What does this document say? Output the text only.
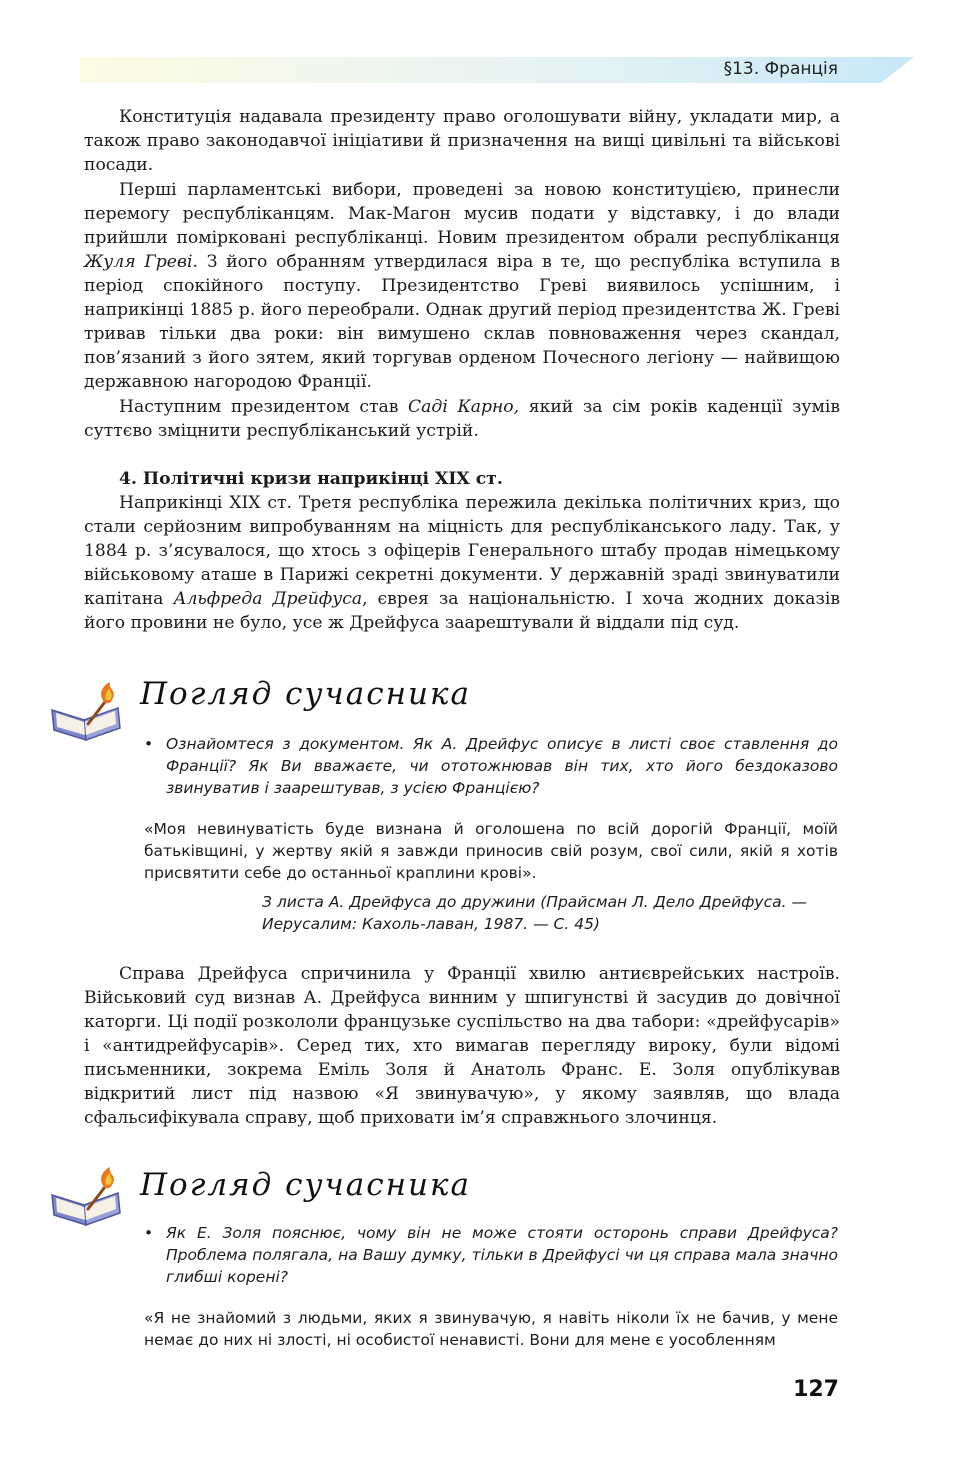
§13. Франція

Конституція надавала президенту право оголошувати війну, укладати мир, а також право законодавчої ініціативи й призначення на вищі цивільні та військові посади.

Перші парламентські вибори, проведені за новою конституцією, принесли перемогу республіканцям. Мак-Магон мусив подати у відставку, і до влади прийшли помірковані республіканці. Новим президентом обрали республіканця Жуля Греві. З його обранням утвердилася віра в те, що республіка вступила в період спокійного поступу. Президентство Греві виявилось успішним, і наприкінці 1885 р. його переобрали. Однак другий період президентства Ж. Греві тривав тільки два роки: він вимушено склав повноваження через скандал, пов’язаний з його зятем, який торгував орденом Почесного легіону — найвищою державною нагородою Франції.

Наступним президентом став Саді Карно, який за сім років каденції зумів суттєво зміцнити республіканський устрій.

4. Політичні кризи наприкінці XIX ст.

Наприкінці XIX ст. Третя республіка пережила декілька політичних криз, що стали серйозним випробуванням на міцність для республіканського ладу. Так, у 1884 р. з’ясувалося, що хтось з офіцерів Генерального штабу продав німецькому військовому аташе в Парижі секретні документи. У державній зраді звинуватили капітана Альфреда Дрейфуса, єврея за національністю. І хоча жодних доказів його провини не було, усе ж Дрейфуса заарештували й віддали під суд.

Погляд сучасника
• Ознайомтеся з документом. Як А. Дрейфус описує в листі своє ставлення до Франції? Як Ви вважаєте, чи ототожнював він тих, хто його бездоказово звинуватив і заарештував, з усією Францією?
«Моя невинуватість буде визнана й оголошена по всій дорогій Франції, моїй батьківщині, у жертву якій я завжди приносив свій розум, свої сили, якій я хотів присвятити себе до останньої краплини крові».
З листа А. Дрейфуса до дружини (Прайсман Л. Дело Дрейфуса. — Иерусалим: Кахоль-лаван, 1987. — С. 45)

Справа Дрейфуса спричинила у Франції хвилю антиєврейських настроїв. Військовий суд визнав А. Дрейфуса винним у шпигунстві й засудив до довічної каторги. Ці події розкололи французьке суспільство на два табори: «дрейфусарів» і «антидрейфусарів». Серед тих, хто вимагав перегляду вироку, були відомі письменники, зокрема Еміль Золя й Анатоль Франс. Е. Золя опублікував відкритий лист під назвою «Я звинувачую», у якому заявляв, що влада сфальсифікувала справу, щоб приховати ім’я справжнього злочинця.

Погляд сучасника
• Як Е. Золя пояснює, чому він не може стояти осторонь справи Дрейфуса? Проблема полягала, на Вашу думку, тільки в Дрейфусі чи ця справа мала значно глибші корені?
«Я не знайомий з людьми, яких я звинувачую, я навіть ніколи їх не бачив, у мене немає до них ні злості, ні особистої ненависті. Вони для мене є уособленням
127
